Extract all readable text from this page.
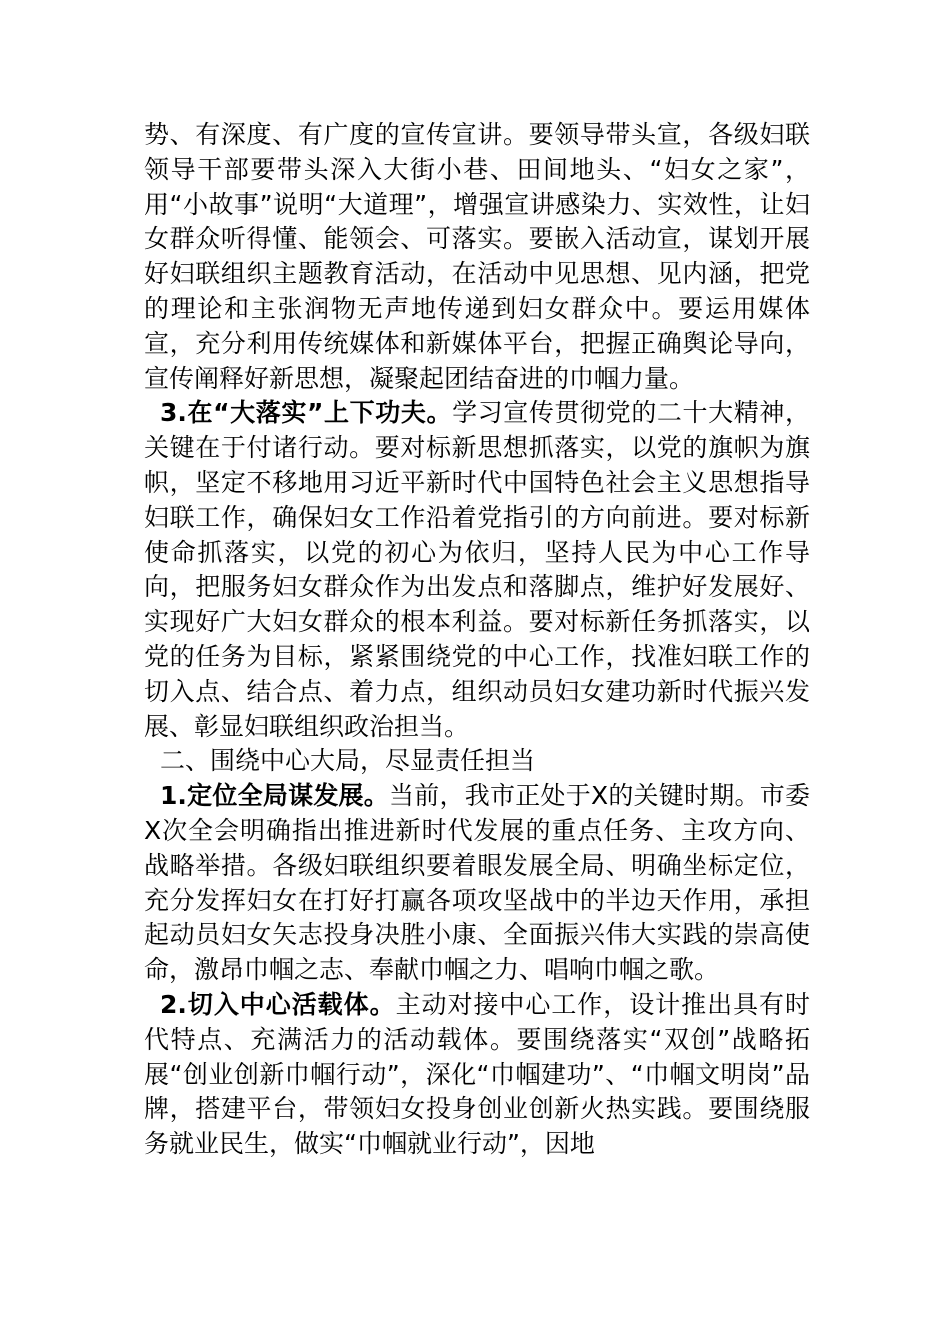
势、有深度、有广度的宣传宣讲。要领导带头宣，各级妇联领导干部要带头深入大街小巷、田间地头、“妇女之家”，用“小故事”说明“大道理”，增强宣讲感染力、实效性，让妇女群众听得懂、能领会、可落实。要嵌入活动宣，谋划开展好妇联组织主题教育活动，在活动中见思想、见内涵，把党的理论和主张润物无声地传递到妇女群众中。要运用媒体宣，充分利用传统媒体和新媒体平台，把握正确舆论导向，宣传阐释好新思想，凝聚起团结奋进的巾帼力量。

3.在“大落实”上下功夫。学习宣传贯彻党的二十大精神，关键在于付诸行动。要对标新思想抓落实，以党的旗帜为旗帜，坚定不移地用习近平新时代中国特色社会主义思想指导妇联工作，确保妇女工作沿着党指引的方向前进。要对标新使命抓落实，以党的初心为依归，坚持人民为中心工作导向，把服务妇女群众作为出发点和落脚点，维护好发展好、实现好广大妇女群众的根本利益。要对标新任务抓落实，以党的任务为目标，紧紧围绕党的中心工作，找准妇联工作的切入点、结合点、着力点，组织动员妇女建功新时代振兴发展、彰显妇联组织政治担当。

二、围绕中心大局，尽显责任担当

1.定位全局谋发展。当前，我市正处于X的关键时期。市委X次全会明确指出推进新时代发展的重点任务、主攻方向、战略举措。各级妇联组织要着眼发展全局、明确坐标定位，充分发挥妇女在打好打赢各项攻坚战中的半边天作用，承担起动员妇女矢志投身决胜小康、全面振兴伟大实践的崇高使命，激昂巾帼之志、奉献巾帼之力、唱响巾帼之歌。

2.切入中心活载体。主动对接中心工作，设计推出具有时代特点、充满活力的活动载体。要围绕落实“双创”战略拓展“创业创新巾帼行动”，深化“巾帼建功”、“巾帼文明岗”品牌，搭建平台，带领妇女投身创业创新火热实践。要围绕服务就业民生，做实“巾帼就业行动”，因地
